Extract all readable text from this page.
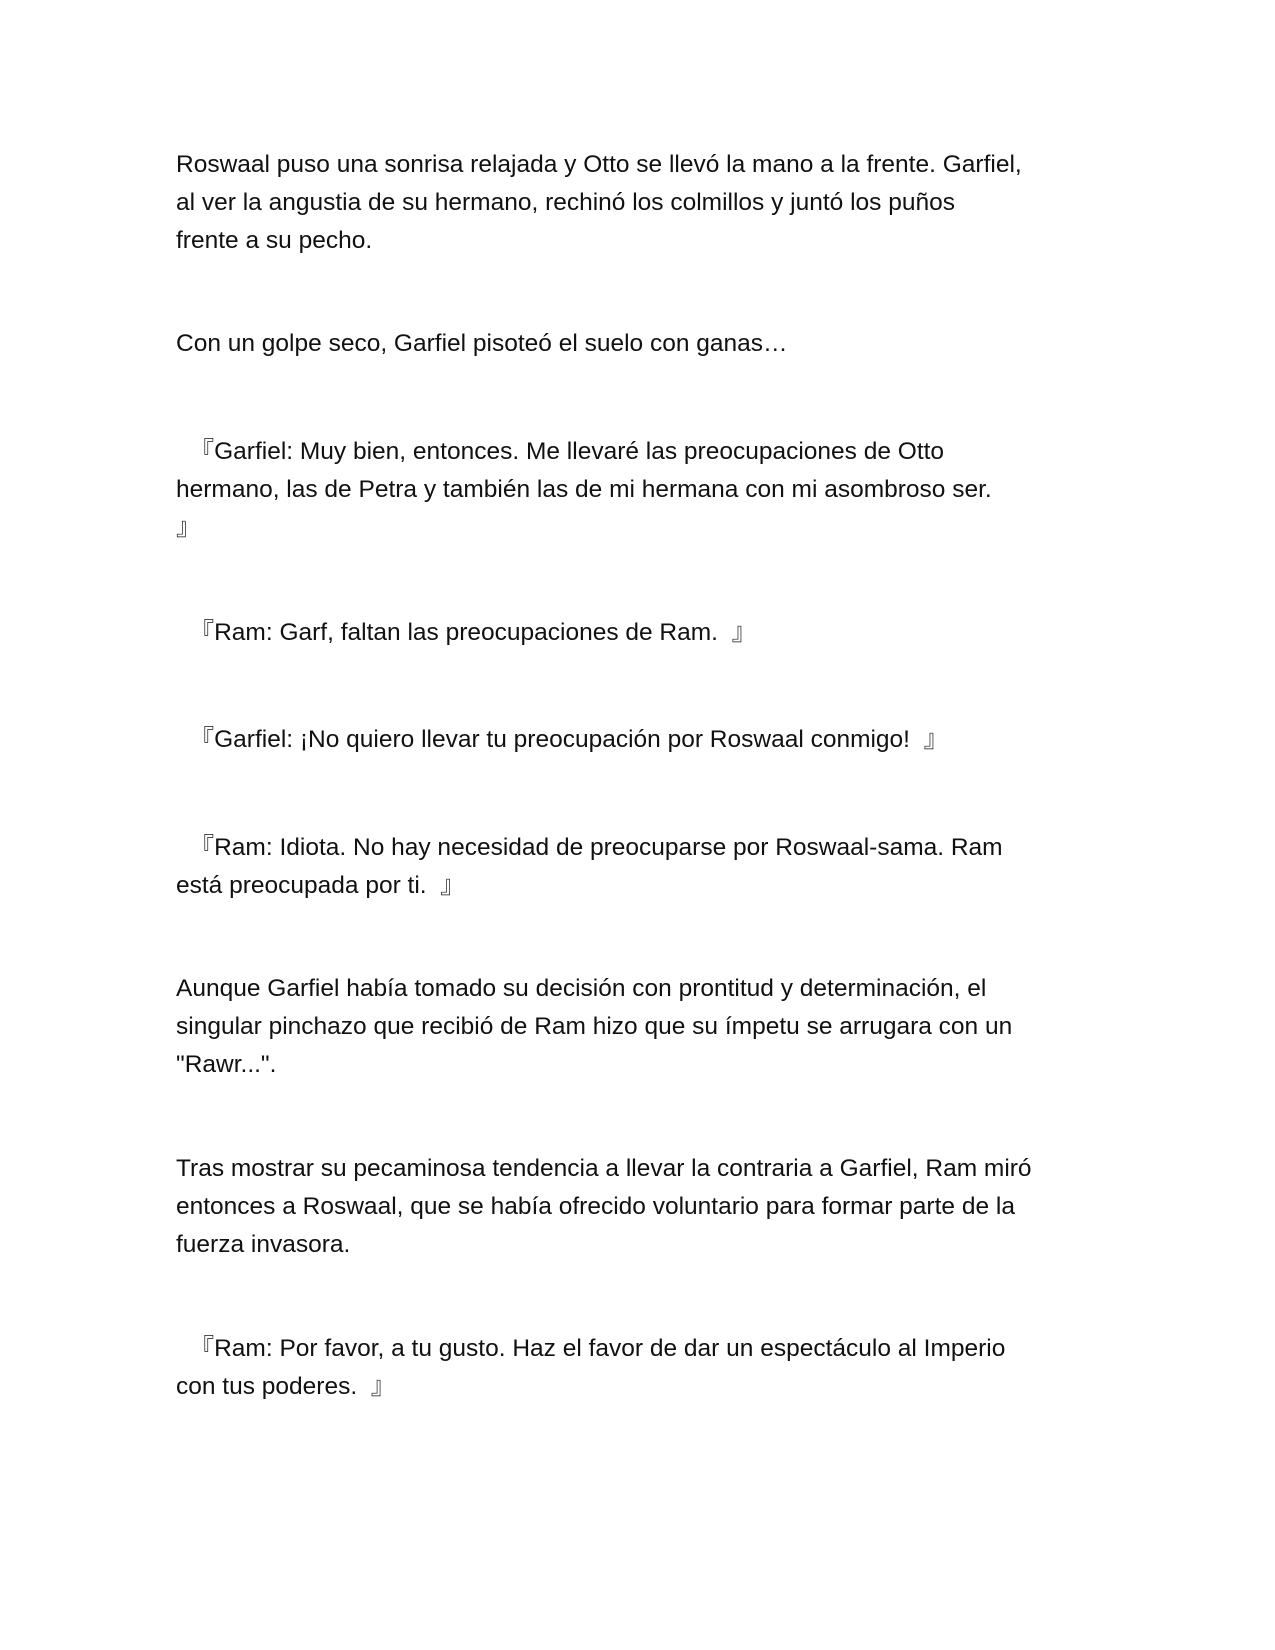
Roswaal puso una sonrisa relajada y Otto se llevó la mano a la frente. Garfiel,
al ver la angustia de su hermano, rechinó los colmillos y juntó los puños
frente a su pecho.

Con un golpe seco, Garfiel pisoteó el suelo con ganas…

『Garfiel: Muy bien, entonces. Me llevaré las preocupaciones de Otto
hermano, las de Petra y también las de mi hermana con mi asombroso ser.
』

『Ram: Garf, faltan las preocupaciones de Ram.  』

『Garfiel: ¡No quiero llevar tu preocupación por Roswaal conmigo!  』

『Ram: Idiota. No hay necesidad de preocuparse por Roswaal-sama. Ram
está preocupada por ti.  』

Aunque Garfiel había tomado su decisión con prontitud y determinación, el
singular pinchazo que recibió de Ram hizo que su ímpetu se arrugara con un
"Rawr...".

Tras mostrar su pecaminosa tendencia a llevar la contraria a Garfiel, Ram miró
entonces a Roswaal, que se había ofrecido voluntario para formar parte de la
fuerza invasora.

『Ram: Por favor, a tu gusto. Haz el favor de dar un espectáculo al Imperio
con tus poderes.  』
